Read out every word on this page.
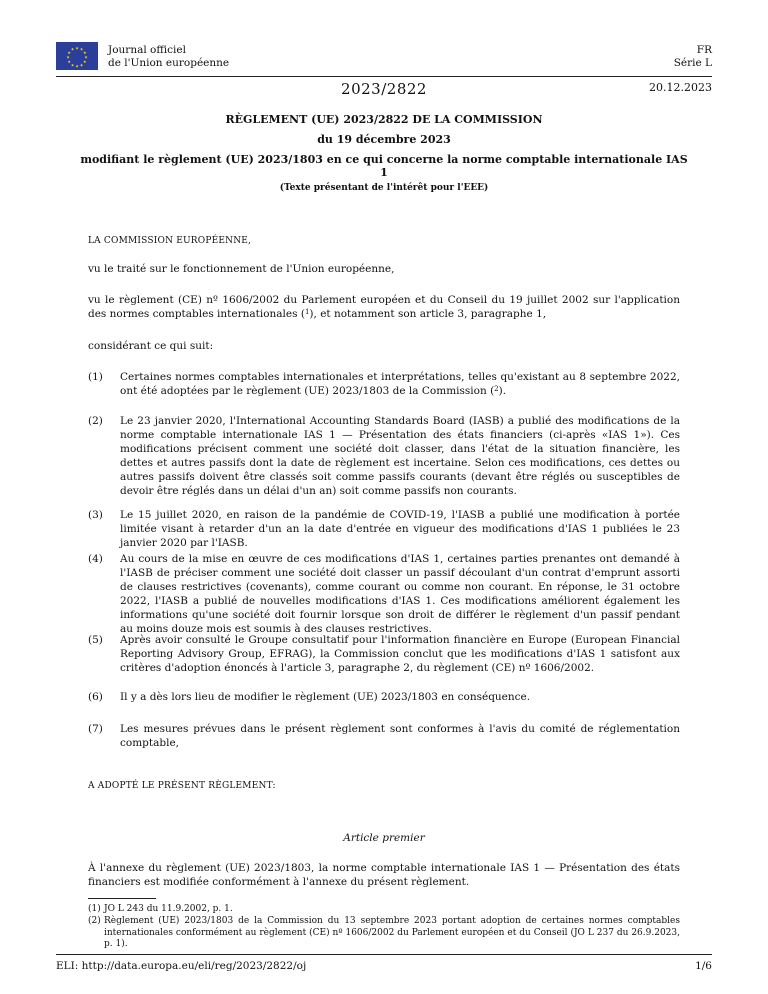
★ ★
★
★
★
★
★
★
★
★
★
★	Journal officiel
de l'Union européenne
FR
Série L
2023/2822	20.12.2023
RÈGLEMENT (UE) 2023/2822 DE LA COMMISSION
du 19 décembre 2023
modifiant le règlement (UE) 2023/1803 en ce qui concerne la norme comptable internationale IAS 1
(Texte présentant de l'intérêt pour l'EEE)
LA COMMISSION EUROPÉENNE,
vu le traité sur le fonctionnement de l'Union européenne,
vu le règlement (CE) nº 1606/2002 du Parlement européen et du Conseil du 19 juillet 2002 sur l'application des normes comptables internationales ($^1$), et notamment son article 3, paragraphe 1,
considérant ce qui suit:
(1) Certaines normes comptables internationales et interprétations, telles qu'existant au 8 septembre 2022, ont été adoptées par le règlement (UE) 2023/1803 de la Commission ($^2$).
(2) Le 23 janvier 2020, l'International Accounting Standards Board (IASB) a publié des modifications de la norme comptable internationale IAS 1 — Présentation des états financiers (ci-après «IAS 1»). Ces modifications précisent comment une société doit classer, dans l'état de la situation financière, les dettes et autres passifs dont la date de règlement est incertaine. Selon ces modifications, ces dettes ou autres passifs doivent être classés soit comme passifs courants (devant être réglés ou susceptibles de devoir être réglés dans un délai d'un an) soit comme passifs non courants.
(3) Le 15 juillet 2020, en raison de la pandémie de COVID-19, l'IASB a publié une modification à portée limitée visant à retarder d'un an la date d'entrée en vigueur des modifications d'IAS 1 publiées le 23 janvier 2020 par l'IASB.
(4) Au cours de la mise en œuvre de ces modifications d'IAS 1, certaines parties prenantes ont demandé à l'IASB de préciser comment une société doit classer un passif découlant d'un contrat d'emprunt assorti de clauses restrictives (covenants), comme courant ou comme non courant. En réponse, le 31 octobre 2022, l'IASB a publié de nouvelles modifications d'IAS 1. Ces modifications améliorent également les informations qu'une société doit fournir lorsque son droit de différer le règlement d'un passif pendant au moins douze mois est soumis à des clauses restrictives.
(5) Après avoir consulté le Groupe consultatif pour l'information financière en Europe (European Financial Reporting Advisory Group, EFRAG), la Commission conclut que les modifications d'IAS 1 satisfont aux critères d'adoption énoncés à l'article 3, paragraphe 2, du règlement (CE) nº 1606/2002.
(6) Il y a dès lors lieu de modifier le règlement (UE) 2023/1803 en conséquence.
(7) Les mesures prévues dans le présent règlement sont conformes à l'avis du comité de réglementation comptable,
A ADOPTÉ LE PRÉSENT RÈGLEMENT:
Article premier
À l'annexe du règlement (UE) 2023/1803, la norme comptable internationale IAS 1 — Présentation des états financiers est modifiée conformément à l'annexe du présent règlement.
(1) JO L 243 du 11.9.2002, p. 1.
(2) Règlement (UE) 2023/1803 de la Commission du 13 septembre 2023 portant adoption de certaines normes comptables internationales conformément au règlement (CE) nº 1606/2002 du Parlement européen et du Conseil (JO L 237 du 26.9.2023, p. 1).
ELI: http://data.europa.eu/eli/reg/2023/2822/oj	1/6
